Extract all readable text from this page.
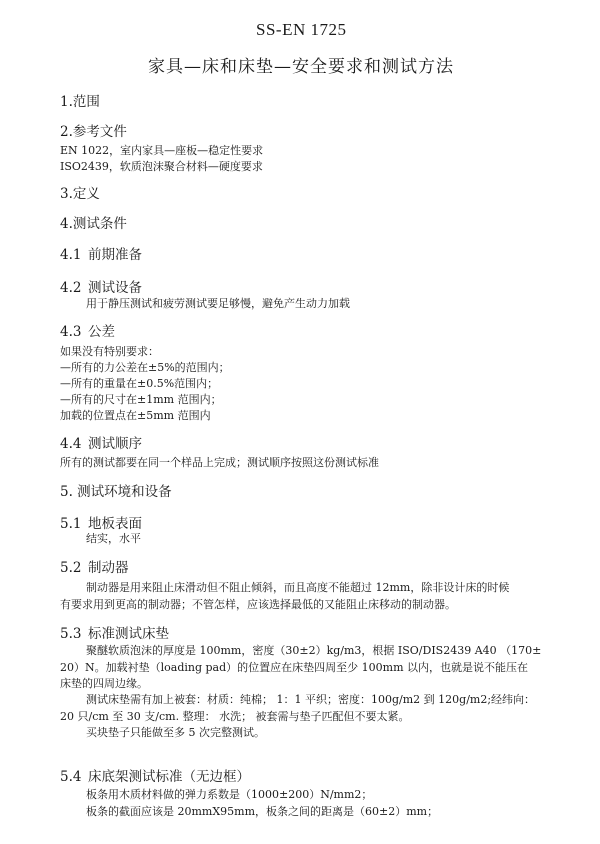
SS-EN 1725
家具—床和床垫—安全要求和测试方法
1.范围
2.参考文件
EN 1022，室内家具—座板—稳定性要求
ISO2439，软质泡沫聚合材料—硬度要求
3.定义
4.测试条件
4.1 前期准备
4.2 测试设备
用于静压测试和疲劳测试要足够慢，避免产生动力加载
4.3 公差
如果没有特别要求：
—所有的力公差在±5%的范围内；
—所有的重量在±0.5%范围内；
—所有的尺寸在±1mm 范围内；
加载的位置点在±5mm 范围内
4.4 测试顺序
所有的测试都要在同一个样品上完成；测试顺序按照这份测试标准
5. 测试环境和设备
5.1 地板表面
结实，水平
5.2 制动器
制动器是用来阻止床滑动但不阻止倾斜，而且高度不能超过 12mm，除非设计床的时候
有要求用到更高的制动器；不管怎样，应该选择最低的又能阻止床移动的制动器。
5.3 标准测试床垫
聚醚软质泡沫的厚度是 100mm，密度（30±2）kg/m3，根据 ISO/DIS2439 A40 （170±
20）N。加载衬垫（loading pad）的位置应在床垫四周至少 100mm 以内，也就是说不能压在
床垫的四周边缘。
测试床垫需有加上被套：材质：纯棉； 1：1 平织；密度：100g/m2 到 120g/m2;经纬向：
20 只/cm 至 30 支/cm. 整理： 水洗； 被套需与垫子匹配但不要太紧。
买块垫子只能做至多 5 次完整测试。
5.4 床底架测试标准（无边框）
板条用木质材料做的弹力系数是（1000±200）N/mm2；
板条的截面应该是 20mmX95mm，板条之间的距离是（60±2）mm；
